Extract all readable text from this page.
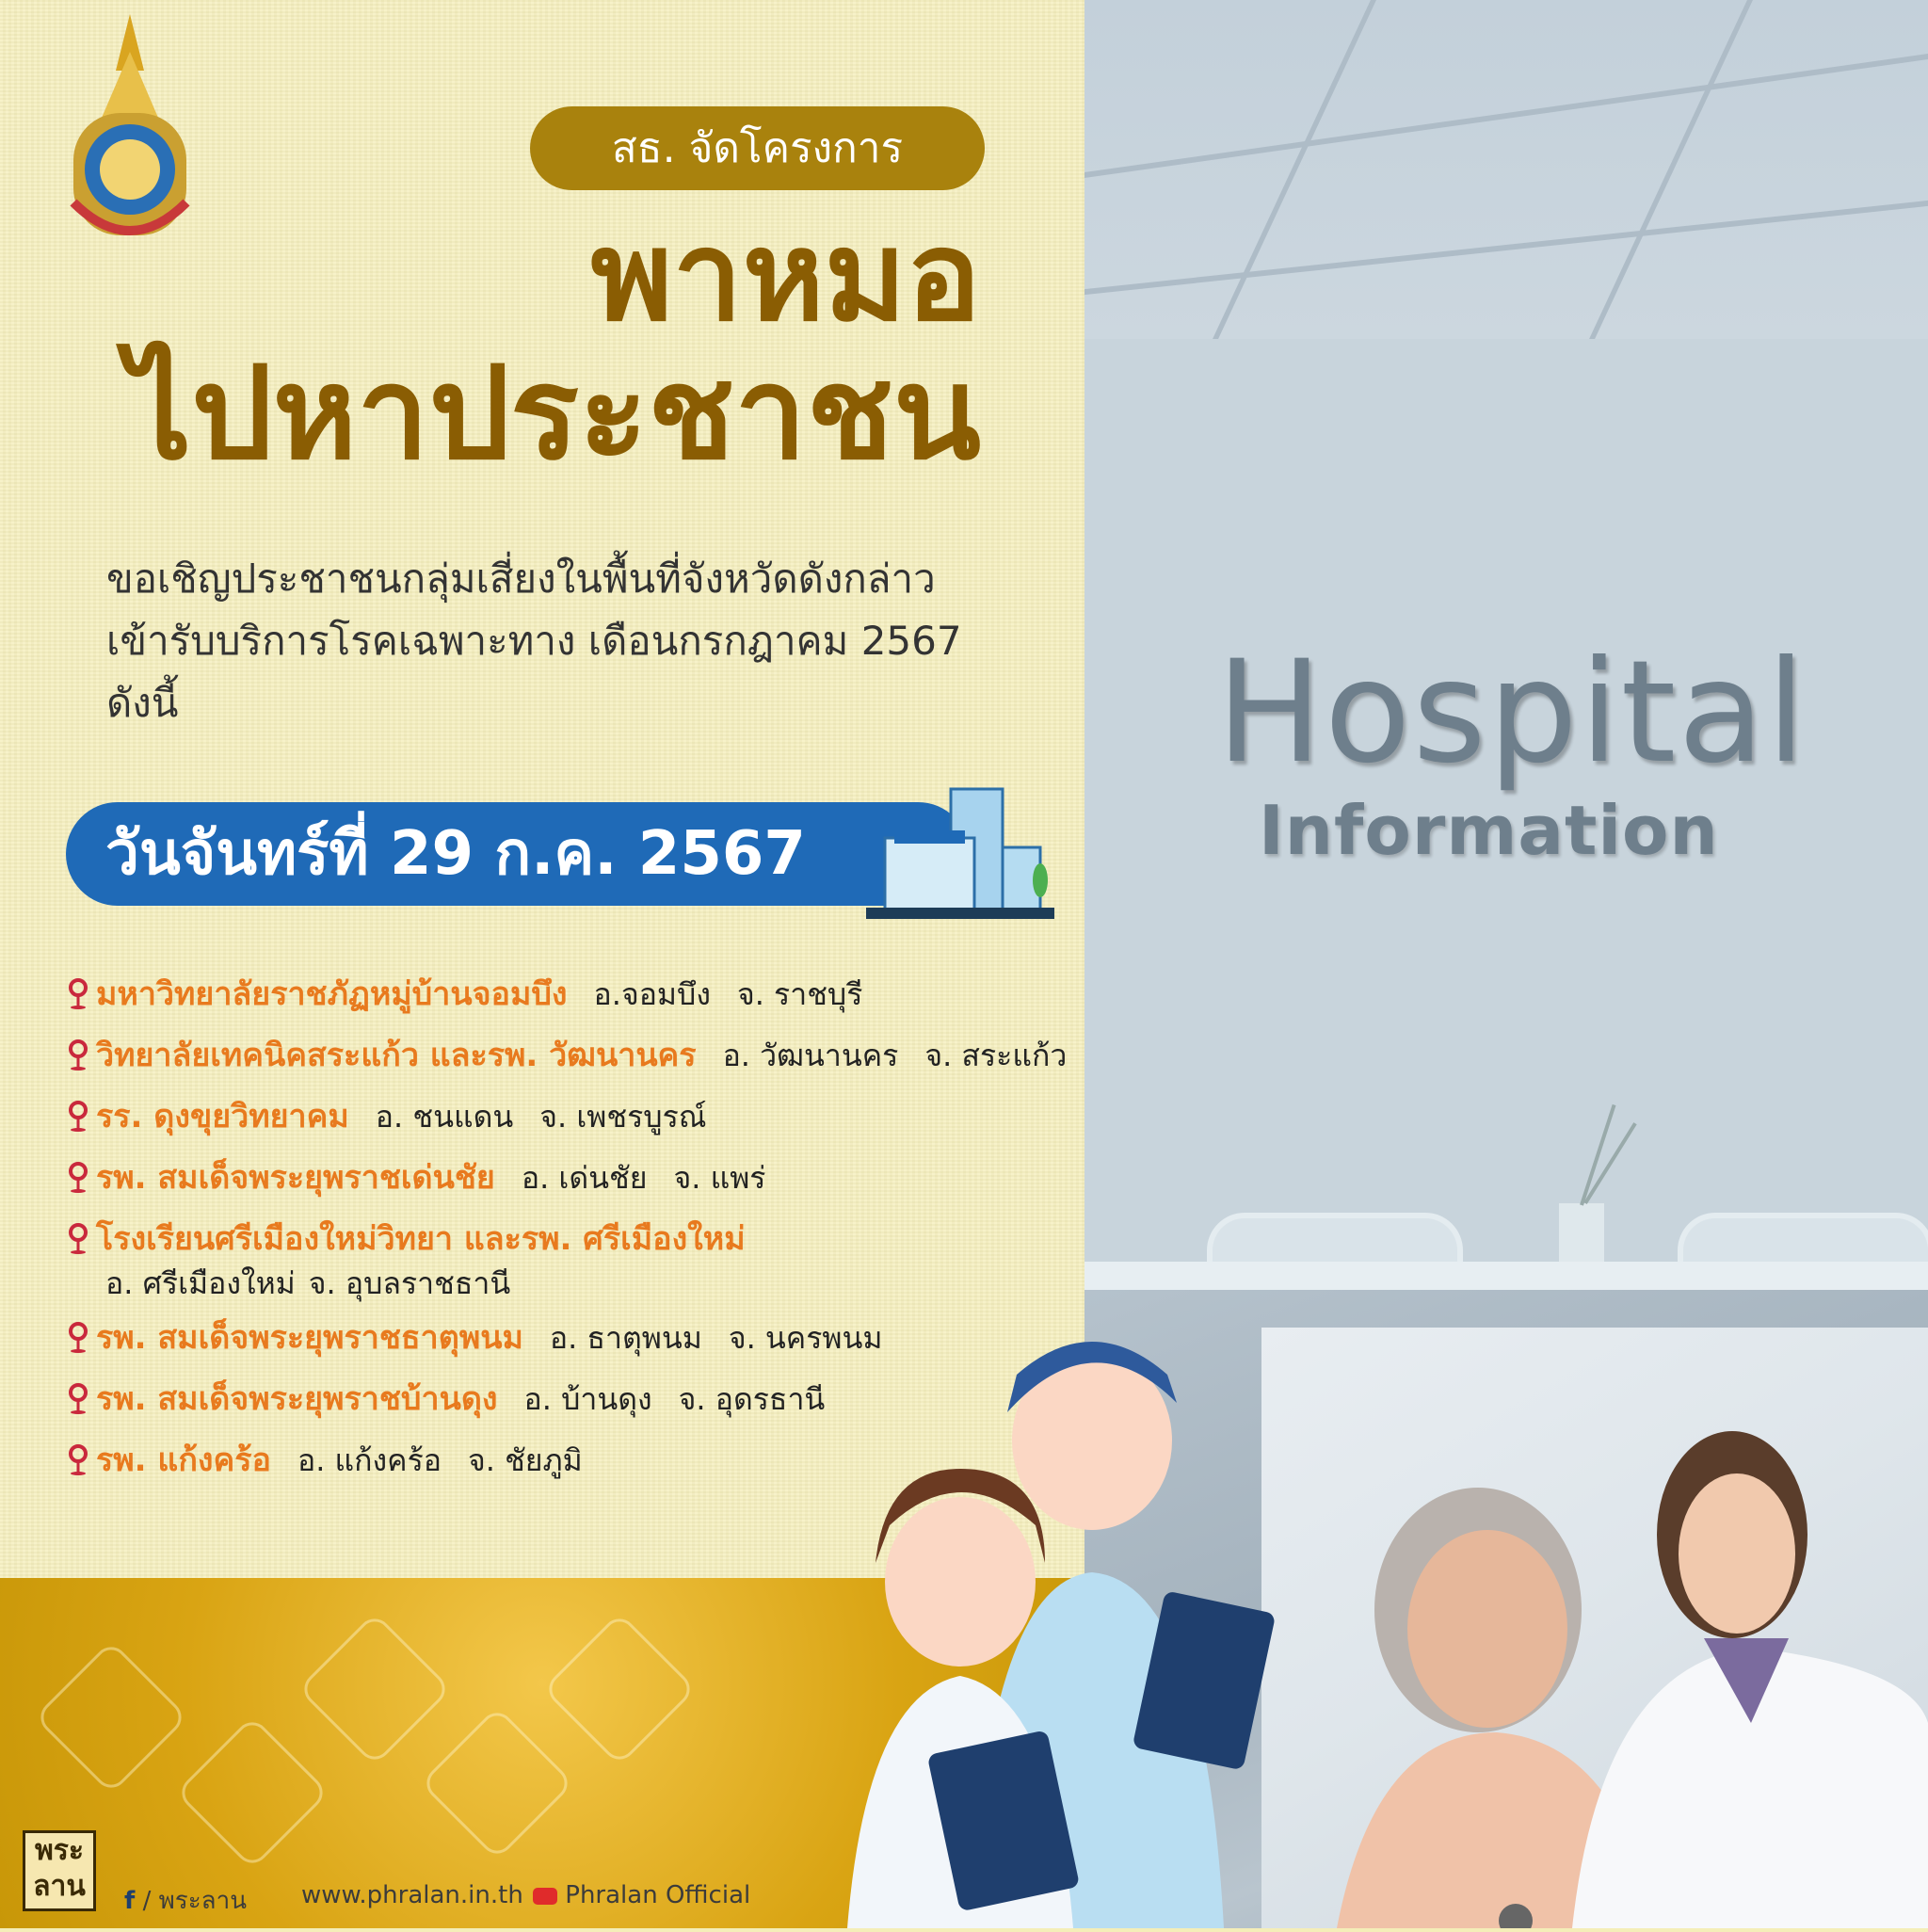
Hospital
Information
สธ. จัดโครงการ
พาหมอ
ไปหาประชาชน
ขอเชิญประชาชนกลุ่มเสี่ยงในพื้นที่จังหวัดดังกล่าว
เข้ารับบริการโรคเฉพาะทาง เดือนกรกฎาคม 2567
ดังนี้
วันจันทร์ที่ 29 ก.ค. 2567
มหาวิทยาลัยราชภัฏหมู่บ้านจอมบึง อ.จอมบึง จ. ราชบุรี
วิทยาลัยเทคนิคสระแก้ว และรพ. วัฒนานคร อ. วัฒนานคร จ. สระแก้ว
รร. ดุงขุยวิทยาคม อ. ชนแดน จ. เพชรบูรณ์
รพ. สมเด็จพระยุพราชเด่นชัย อ. เด่นชัย จ. แพร่
โรงเรียนศรีเมืองใหม่วิทยา และรพ. ศรีเมืองใหม่
อ. ศรีเมืองใหม่ จ. อุบลราชธานี
รพ. สมเด็จพระยุพราชธาตุพนม อ. ธาตุพนม จ. นครพนม
รพ. สมเด็จพระยุพราชบ้านดุง อ. บ้านดุง จ. อุดรธานี
รพ. แก้งคร้อ อ. แก้งคร้อ จ. ชัยภูมิ
พระลาน	f / พระลาน www.phralan.in.th	Phralan Official
